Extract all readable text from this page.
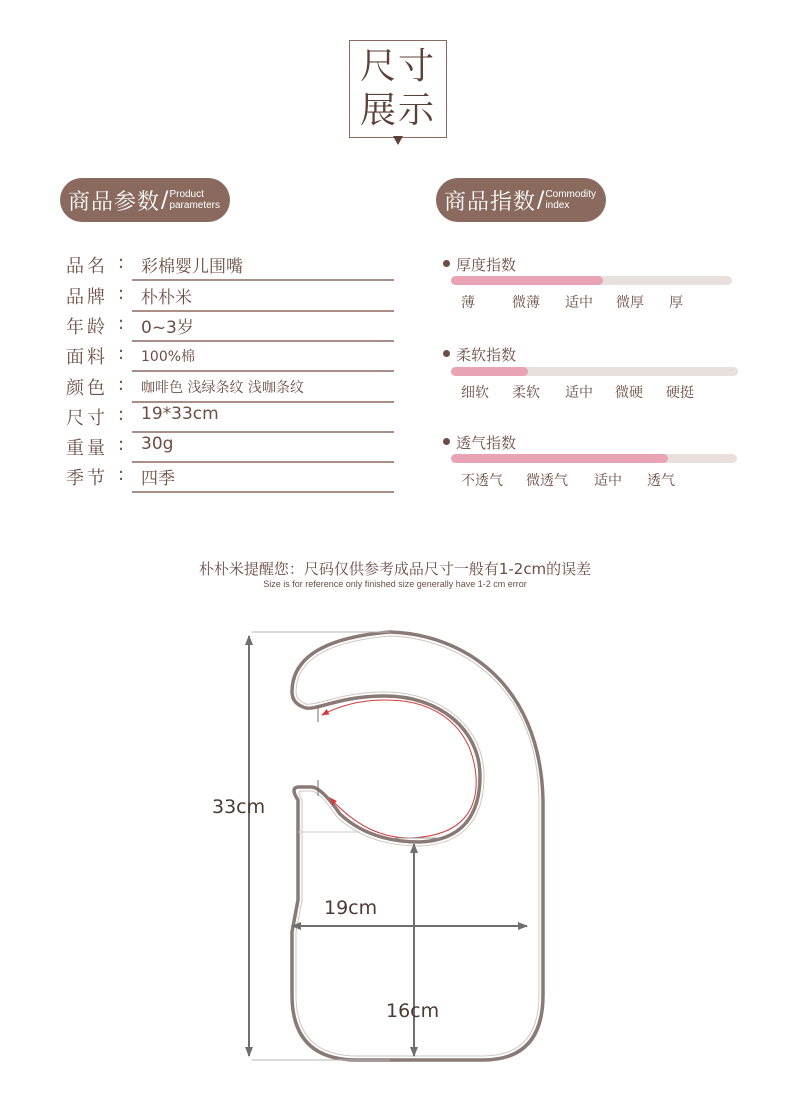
尺寸
展示
商品参数 / Product
parameters	商品指数 / Commodity
index
品名 : 彩棉婴儿围嘴
品牌 : 朴朴米
年龄 : 0~3岁
面料 : 100%棉
颜色 : 咖啡色 浅绿条纹 浅咖条纹
尺寸 : 19*33cm
重量 : 30g
季节 : 四季
厚度指数
薄	微薄 适中 微厚 厚
柔软指数
细软 柔软 适中 微硬 硬挺
透气指数
不透气 微透气 适中 透气
朴朴米提醒您：尺码仅供参考成品尺寸一般有1-2cm的误差
Size is for reference only finished size generally have 1-2 cm error
33cm
19cm
16cm
